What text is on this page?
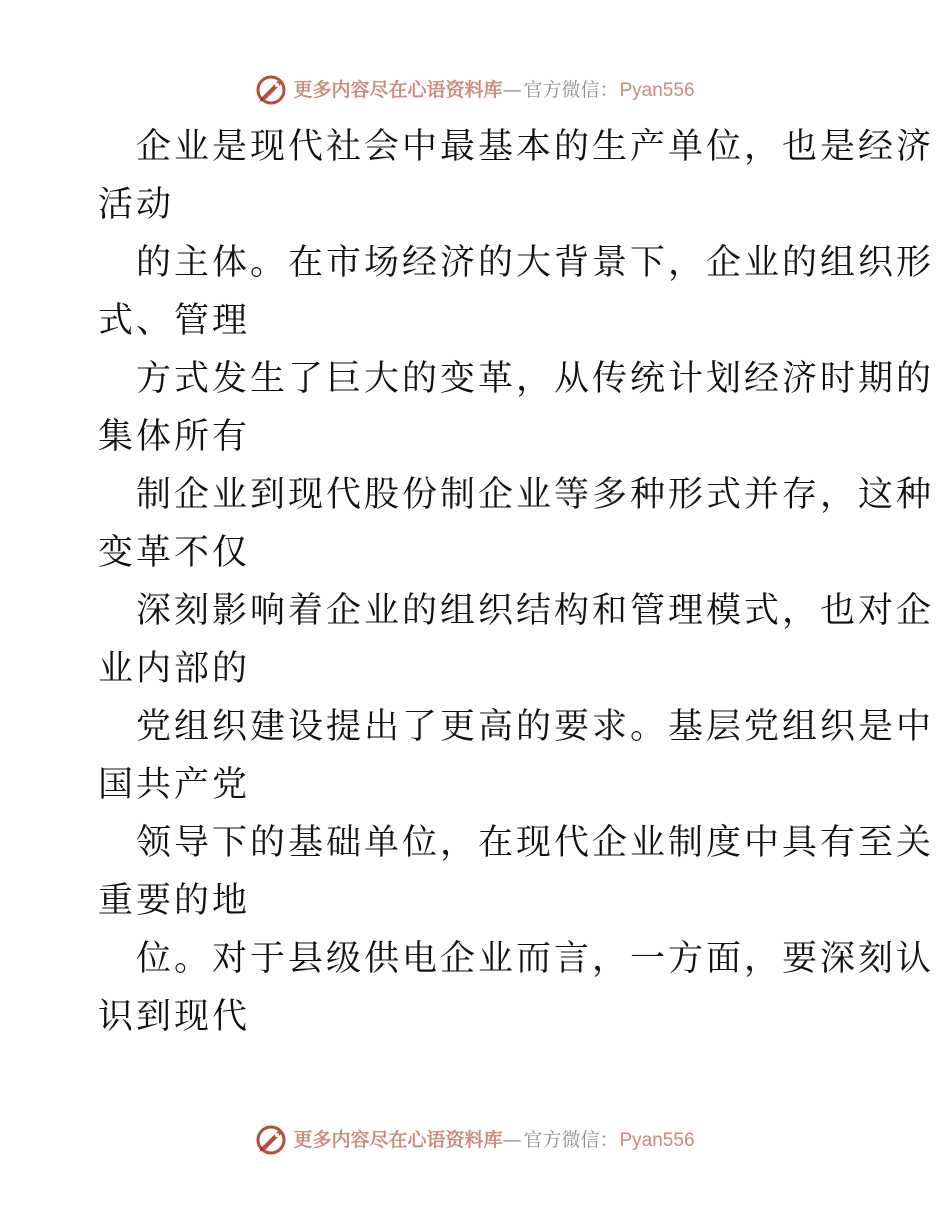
更多内容尽在心语资料库 — 官方微信： Pyan556
企业是现代社会中最基本的生产单位，也是经济
活动
的主体。在市场经济的大背景下，企业的组织形
式、管理
方式发生了巨大的变革，从传统计划经济时期的
集体所有
制企业到现代股份制企业等多种形式并存，这种
变革不仅
深刻影响着企业的组织结构和管理模式，也对企
业内部的
党组织建设提出了更高的要求。基层党组织是中
国共产党
领导下的基础单位，在现代企业制度中具有至关
重要的地
位。对于县级供电企业而言，一方面，要深刻认
识到现代
更多内容尽在心语资料库 — 官方微信： Pyan556
